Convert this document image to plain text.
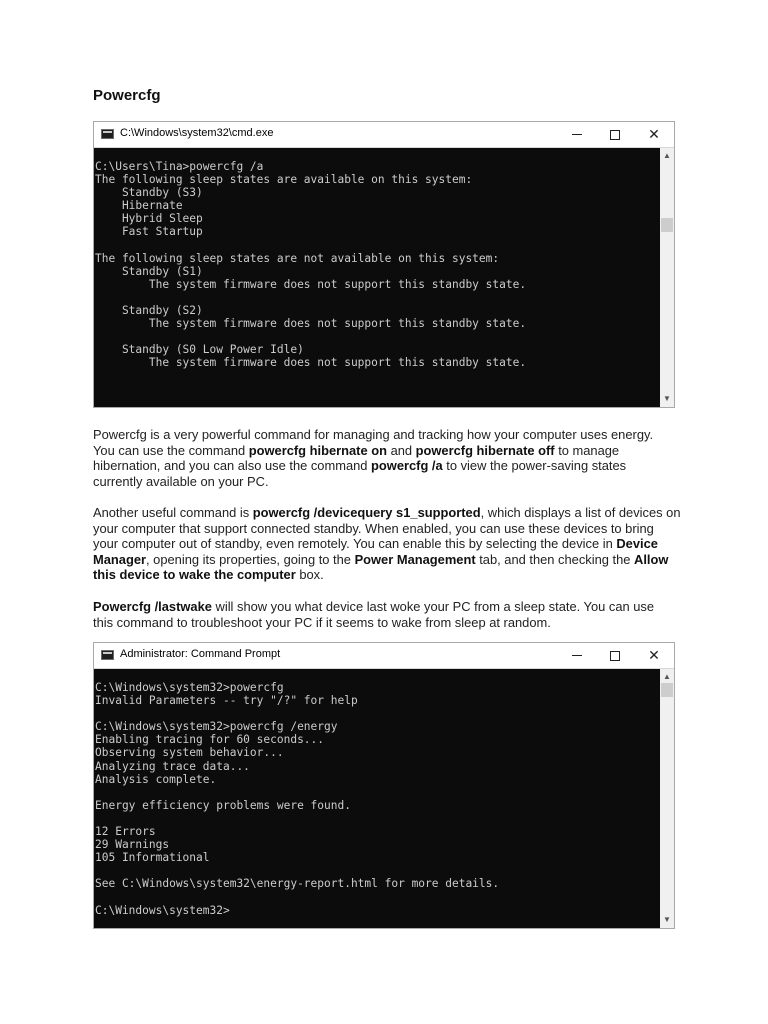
Powercfg
C:\Windows\system32\cmd.exe	✕
C:\Users\Tina>powercfg /a
The following sleep states are available on this system:
Standby (S3)
Hibernate
Hybrid Sleep
Fast Startup

The following sleep states are not available on this system:
Standby (S1)
The system firmware does not support this standby state.

Standby (S2)
The system firmware does not support this standby state.

Standby (S0 Low Power Idle)
The system firmware does not support this standby state.
▲
▼
Powercfg is a very powerful command for managing and tracking how your computer uses energy. You can use the command powercfg hibernate on and powercfg hibernate off to manage hibernation, and you can also use the command powercfg /a to view the power-saving states currently available on your PC.
Another useful command is powercfg /devicequery s1_supported, which displays a list of devices on your computer that support connected standby. When enabled, you can use these devices to bring your computer out of standby, even remotely. You can enable this by selecting the device in Device Manager, opening its properties, going to the Power Management tab, and then checking the Allow this device to wake the computer box.
Powercfg /lastwake will show you what device last woke your PC from a sleep state. You can use this command to troubleshoot your PC if it seems to wake from sleep at random.
Administrator: Command Prompt	✕
C:\Windows\system32>powercfg
Invalid Parameters -- try "/?" for help

C:\Windows\system32>powercfg /energy
Enabling tracing for 60 seconds...
Observing system behavior...
Analyzing trace data...
Analysis complete.

Energy efficiency problems were found.

12 Errors
29 Warnings
105 Informational

See C:\Windows\system32\energy-report.html for more details.

C:\Windows\system32>
▲
▼
